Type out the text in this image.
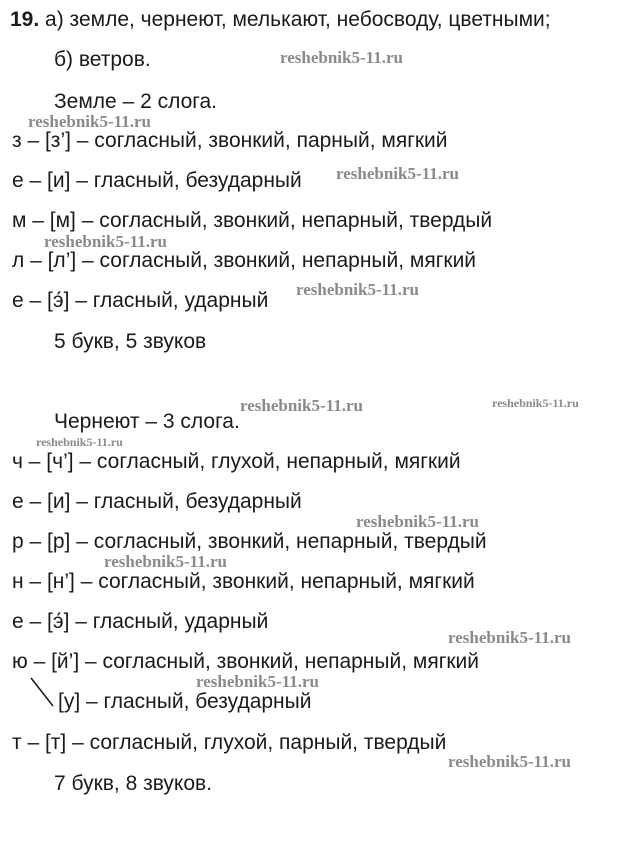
19. а) земле, чернеют, мелькают, небосводу, цветными;
б) ветров.
Земле – 2 слога.
з – [з’] – согласный, звонкий, парный, мягкий
е – [и] – гласный, безударный
м – [м] – согласный, звонкий, непарный, твердый
л – [л’] – согласный, звонкий, непарный, мягкий
е – [э́] – гласный, ударный
5 букв, 5 звуков
Чернеют – 3 слога.
ч – [ч’] – согласный, глухой, непарный, мягкий
е – [и] – гласный, безударный
р – [р] – согласный, звонкий, непарный, твердый
н – [н’] – согласный, звонкий, непарный, мягкий
е – [э́] – гласный, ударный
ю – [й’] – согласный, звонкий, непарный, мягкий
[у] – гласный, безударный
т – [т] – согласный, глухой, парный, твердый
7 букв, 8 звуков.
reshebnik5-11.ru
reshebnik5-11.ru
reshebnik5-11.ru
reshebnik5-11.ru
reshebnik5-11.ru
reshebnik5-11.ru	reshebnik5-11.ru
reshebnik5-11.ru
reshebnik5-11.ru
reshebnik5-11.ru
reshebnik5-11.ru
reshebnik5-11.ru
reshebnik5-11.ru
